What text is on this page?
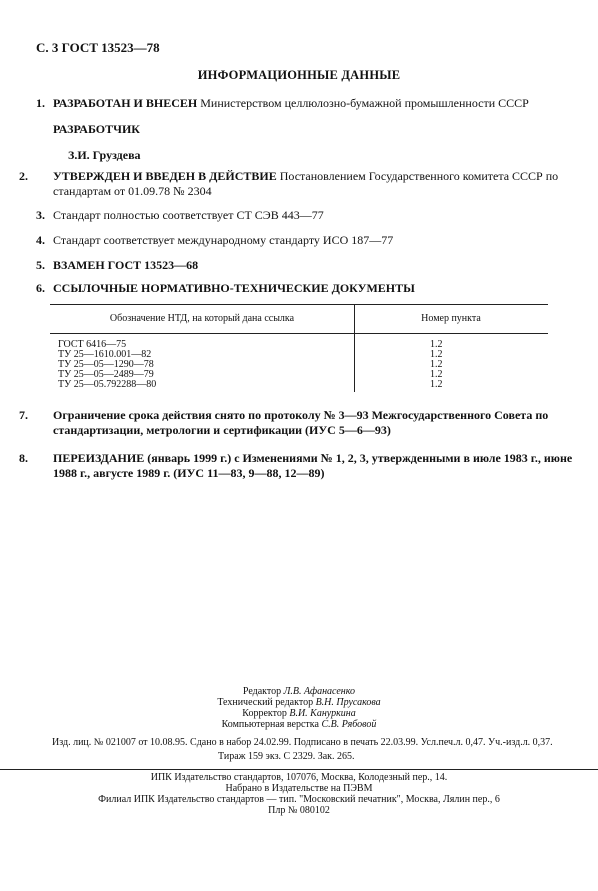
С. 3 ГОСТ 13523—78
ИНФОРМАЦИОННЫЕ ДАННЫЕ
1. РАЗРАБОТАН И ВНЕСЕН Министерством целлюлозно-бумажной промышленности СССР
РАЗРАБОТЧИК
З.И. Груздева
2. УТВЕРЖДЕН И ВВЕДЕН В ДЕЙСТВИЕ Постановлением Государственного комитета СССР по стандартам от 01.09.78 № 2304
3. Стандарт полностью соответствует СТ СЭВ 443—77
4. Стандарт соответствует международному стандарту ИСО 187—77
5. ВЗАМЕН ГОСТ 13523—68
6. ССЫЛОЧНЫЕ НОРМАТИВНО-ТЕХНИЧЕСКИЕ ДОКУМЕНТЫ
Обозначение НТД, на который дана ссылка	Номер пункта
ГОСТ 6416—75	1.2
ТУ 25—1610.001—82	1.2
ТУ 25—05—1290—78	1.2
ТУ 25—05—2489—79	1.2
ТУ 25—05.792288—80	1.2
7. Ограничение срока действия снято по протоколу № 3—93 Межгосударственного Совета по стандартизации, метрологии и сертификации (ИУС 5—6—93)
8. ПЕРЕИЗДАНИЕ (январь 1999 г.) с Изменениями № 1, 2, 3, утвержденными в июле 1983 г., июне 1988 г., августе 1989 г. (ИУС 11—83, 9—88, 12—89)
Редактор Л.В. Афанасенко
Технический редактор В.Н. Прусакова
Корректор В.И. Кануркина
Компьютерная верстка С.В. Рябовой
Изд. лиц. № 021007 от 10.08.95. Сдано в набор 24.02.99. Подписано в печать 22.03.99. Усл.печ.л. 0,47. Уч.-изд.л. 0,37.
Тираж 159 экз. С 2329. Зак. 265.
ИПК Издательство стандартов, 107076, Москва, Колодезный пер., 14.
Набрано в Издательстве на ПЭВМ
Филиал ИПК Издательство стандартов — тип. "Московский печатник", Москва, Лялин пер., 6
Плр № 080102
